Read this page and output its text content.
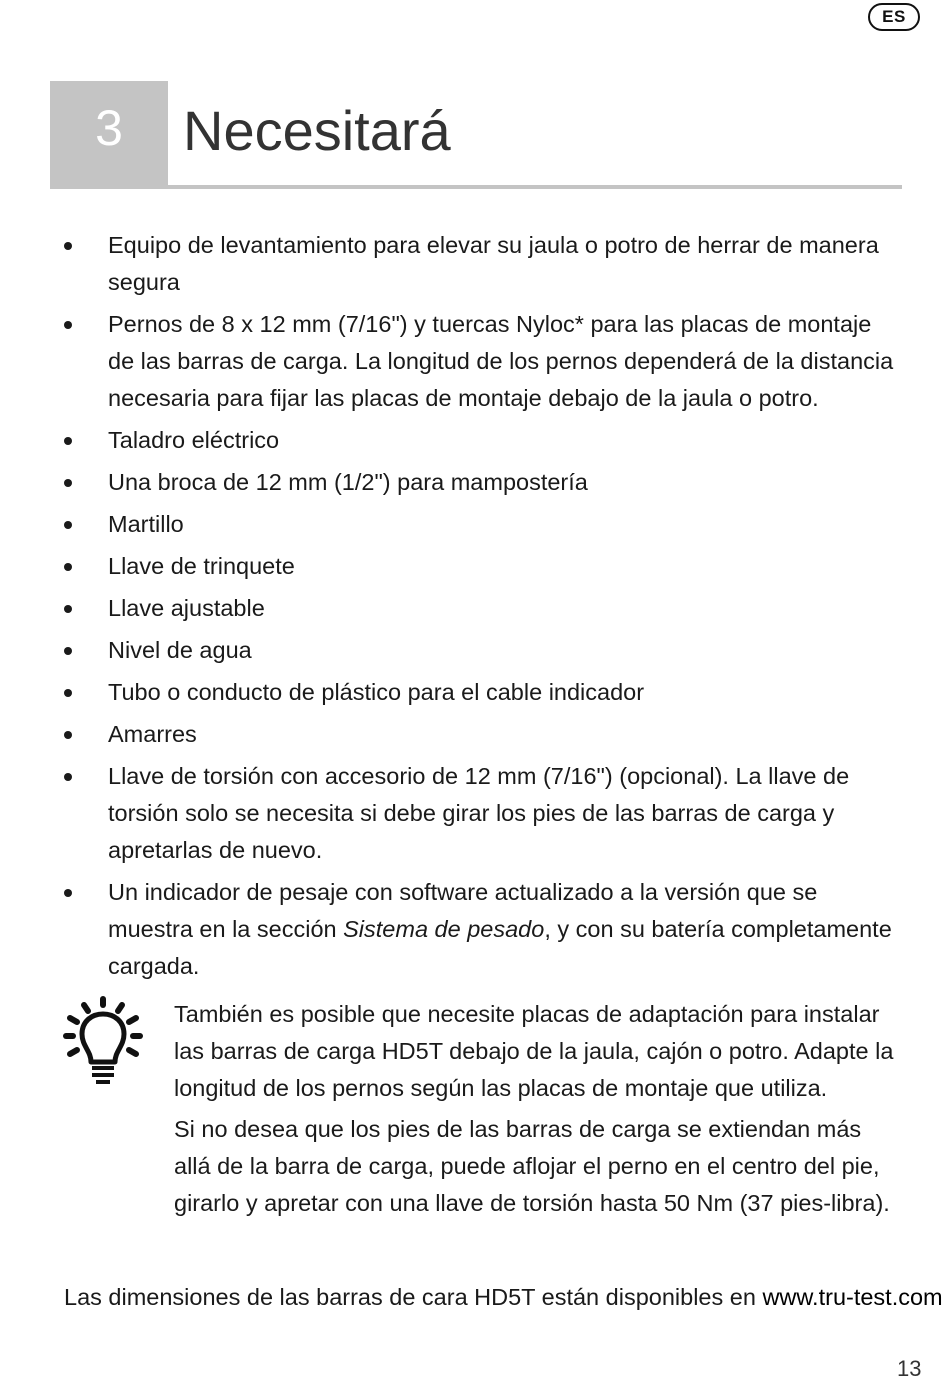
ES
3	Necesitará
Equipo de levantamiento para elevar su jaula o potro de herrar de manera segura
Pernos de 8 x 12 mm (7/16") y tuercas Nyloc* para las placas de montaje de las barras de carga. La longitud de los pernos dependerá de la distancia necesaria para fijar las placas de montaje debajo de la jaula o potro.
Taladro eléctrico
Una broca de 12 mm (1/2") para mampostería
Martillo
Llave de trinquete
Llave ajustable
Nivel de agua
Tubo o conducto de plástico para el cable indicador
Amarres
Llave de torsión con accesorio de 12 mm (7/16") (opcional). La llave de torsión solo se necesita si debe girar los pies de las barras de carga y apretarlas de nuevo.
Un indicador de pesaje con software actualizado a la versión que se muestra en la sección Sistema de pesado, y con su batería completamente cargada.

También es posible que necesite placas de adaptación para instalar las barras de carga HD5T debajo de la jaula, cajón o potro. Adapte la longitud de los pernos según las placas de montaje que utiliza.

Si no desea que los pies de las barras de carga se extiendan más allá de la barra de carga, puede aflojar el perno en el centro del pie, girarlo y apretar con una llave de torsión hasta 50 Nm (37 pies-libra).

Las dimensiones de las barras de cara HD5T están disponibles en www.tru-test.com
13
